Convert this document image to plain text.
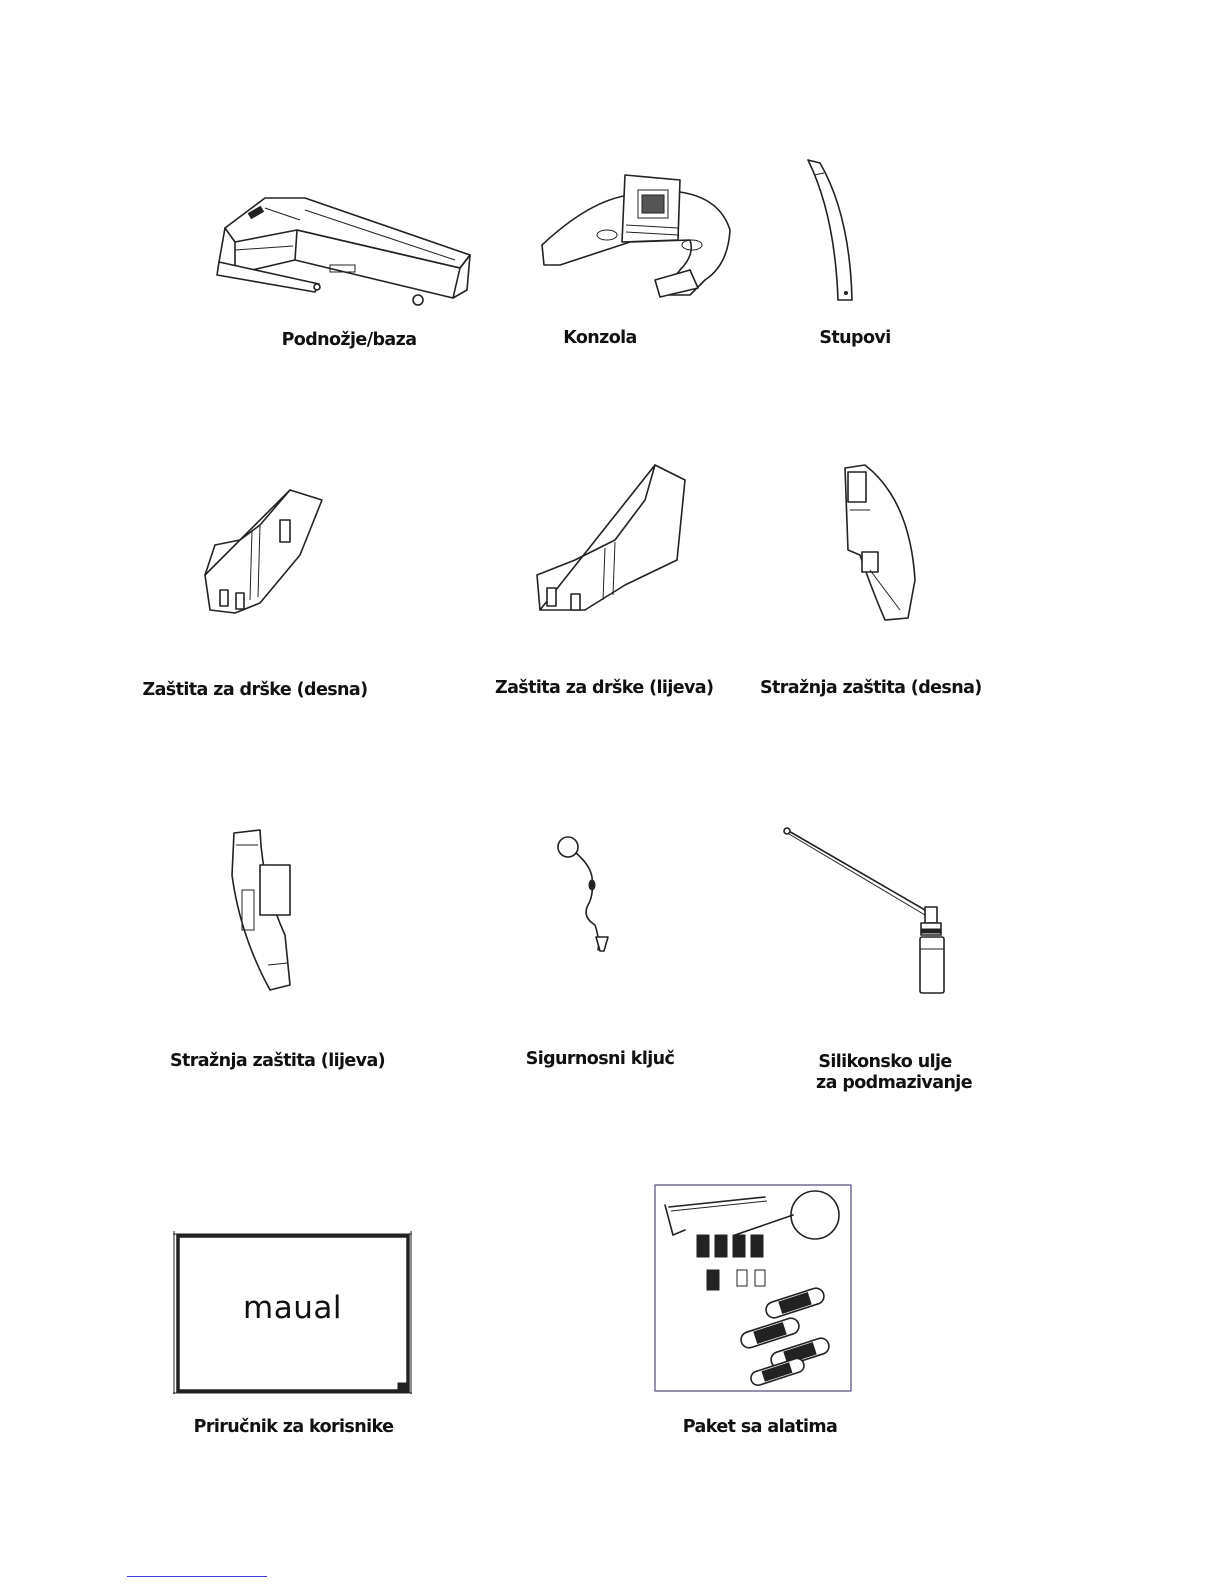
Podnožje/baza	Konzola	Stupovi
Zaštita za drške (desna)	Zaštita za drške (lijeva)	Stražnja zaštita (desna)
Stražnja zaštita (lijeva)	Sigurnosni ključ	Silikonsko ulje
za podmazivanje
maual
Priručnik za korisnike	Paket sa alatima
